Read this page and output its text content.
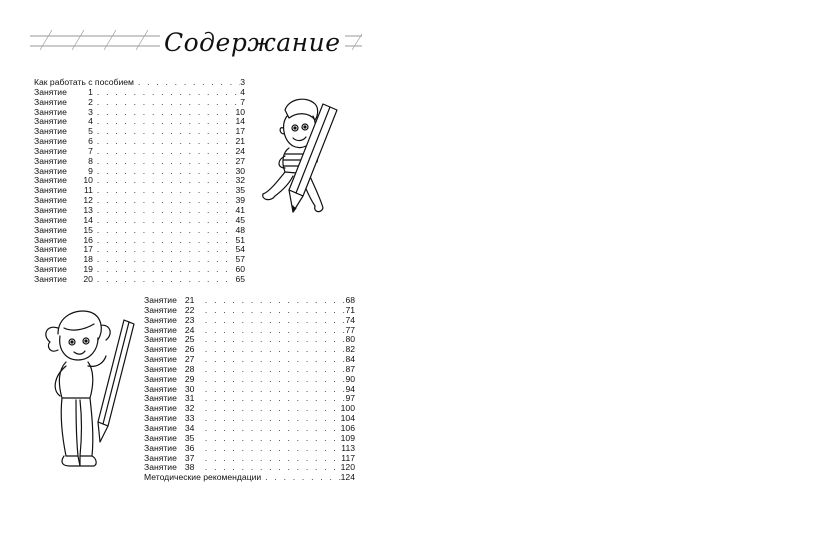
Содержание
Как работать с пособием . . .	3
Занятие	1 . . .	4
Занятие	2 . . .	7
Занятие	3 . . .	10
Занятие	4 . . .	14
Занятие	5 . . .	17
Занятие	6 . . .	21
Занятие	7 . . .	24
Занятие	8 . . .	27
Занятие	9 . . .	30
Занятие	10 . . .	32
Занятие	11 . . .	35
Занятие	12 . . .	39
Занятие	13 . . .	41
Занятие	14 . . .	45
Занятие	15 . . .	48
Занятие	16 . . .	51
Занятие	17 . . .	54
Занятие	18 . . .	57
Занятие	19 . . .	60
Занятие	20 . . .	65
Занятие 21 . . .	68
Занятие 22 . . .	71
Занятие 23 . . .	74
Занятие 24 . . .	77
Занятие 25 . . .	80
Занятие 26 . . .	82
Занятие 27 . . .	84
Занятие 28 . . .	87
Занятие 29 . . .	90
Занятие 30 . . .	94
Занятие 31 . . .	97
Занятие 32 . . .	100
Занятие 33 . . .	104
Занятие 34 . . .	106
Занятие 35 . . .	109
Занятие 36 . . .	113
Занятие 37 . . .	117
Занятие 38 . . .	120
Методические рекомендации . . .	124
